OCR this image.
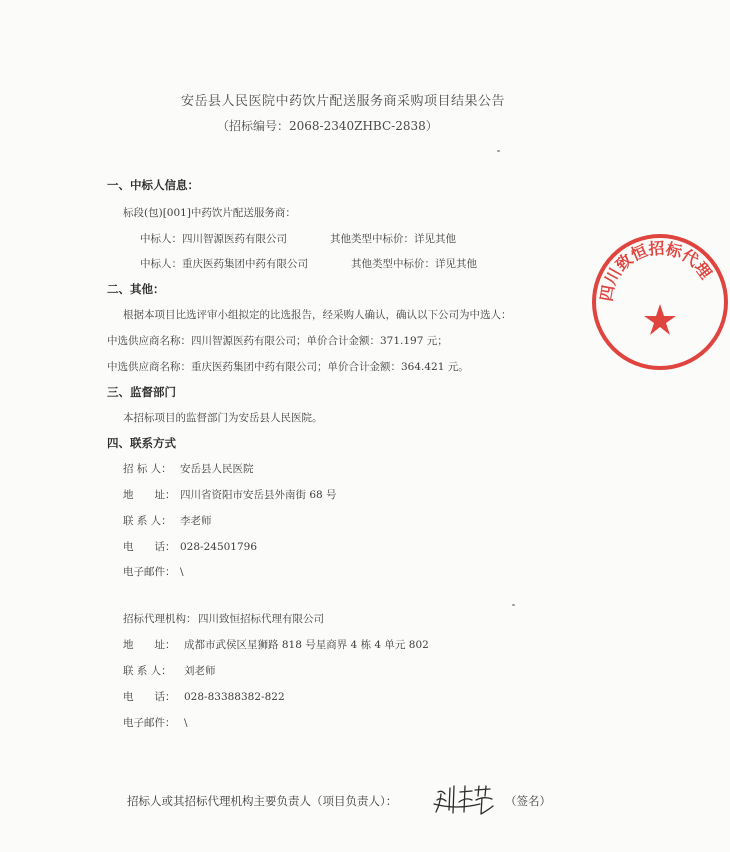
安岳县人民医院中药饮片配送服务商采购项目结果公告
（招标编号：2068-2340ZHBC-2838）
一、中标人信息：
标段(包)[001]中药饮片配送服务商：
中标人：四川智源医药有限公司	其他类型中标价：详见其他
中标人：重庆医药集团中药有限公司	其他类型中标价：详见其他
二、其他：
根据本项目比选评审小组拟定的比选报告，经采购人确认，确认以下公司为中选人：
中选供应商名称：四川智源医药有限公司；单价合计金额：371.197 元；
中选供应商名称：重庆医药集团中药有限公司；单价合计金额：364.421 元。
三、监督部门
本招标项目的监督部门为安岳县人民医院。
四、联系方式
招 标 人： 安岳县人民医院
地　　址： 四川省资阳市安岳县外南街 68 号
联 系 人： 李老师
电　　话： 028-24501796
电子邮件： \
招标代理机构： 四川致恒招标代理有限公司
地　　址： 成都市武侯区星狮路 818 号星商界 4 栋 4 单元 802
联 系 人： 刘老师
电　　话： 028-83388382-822
电子邮件： \
招标人或其招标代理机构主要负责人（项目负责人）：	（签名）
四川致恒招标代理
